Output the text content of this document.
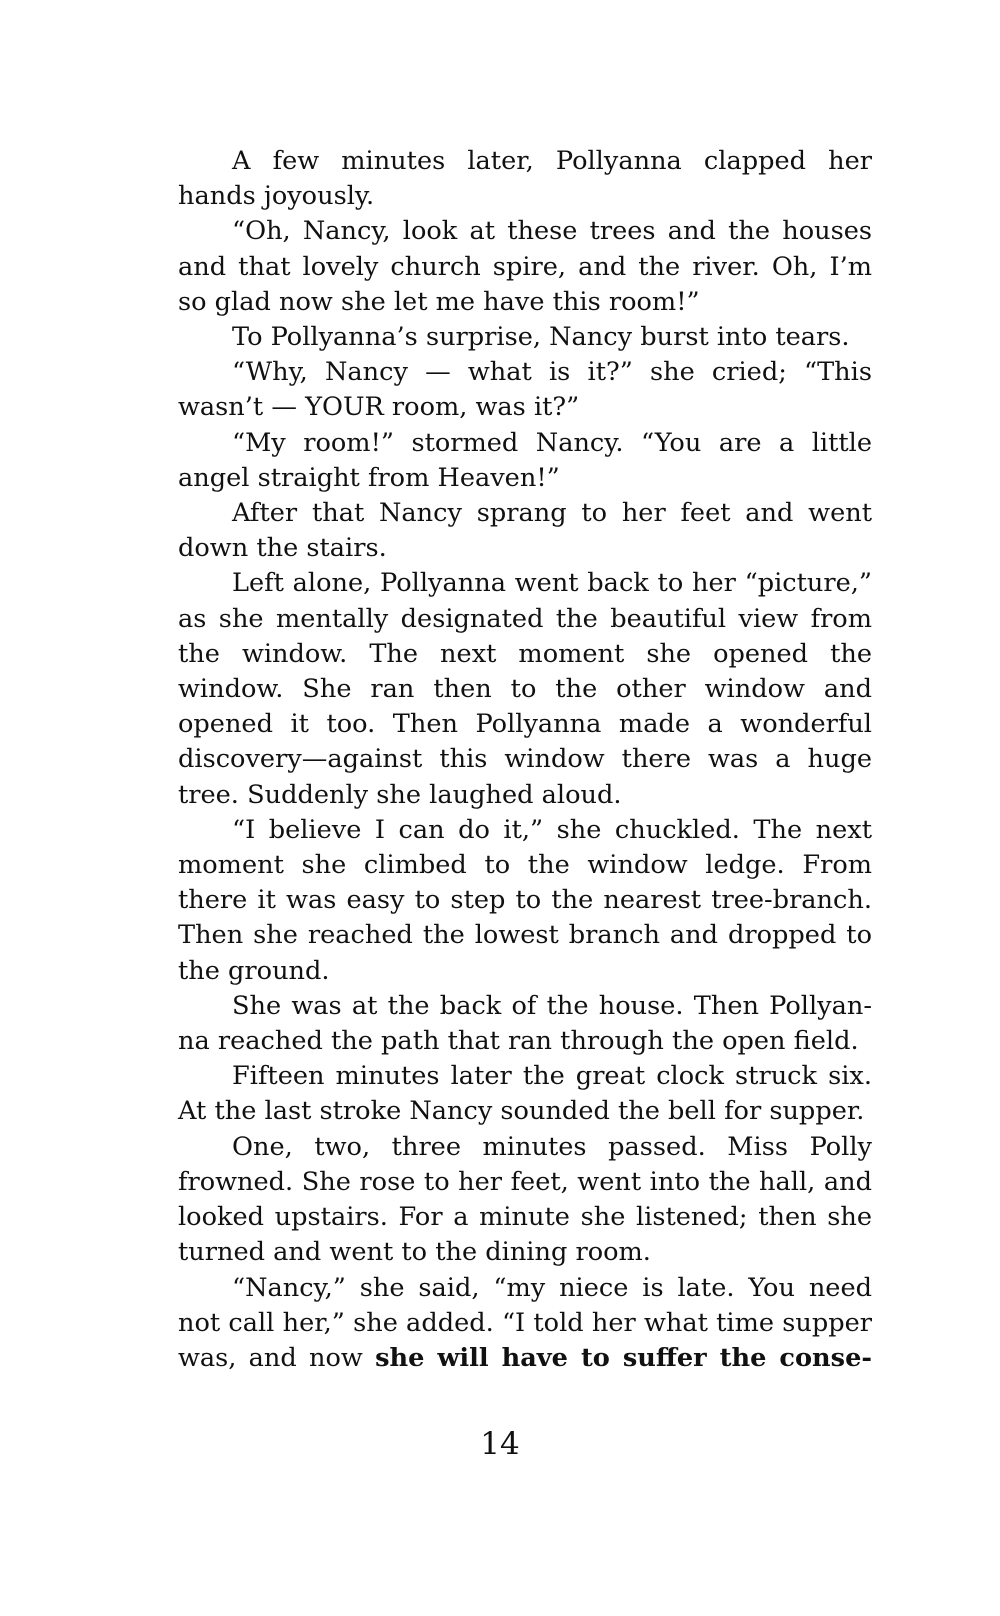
A few minutes later, Pollyanna clapped her hands joyously.

“Oh, Nancy, look at these trees and the houses and that lovely church spire, and the river. Oh, I’m so glad now she let me have this room!”

To Pollyanna’s surprise, Nancy burst into tears.

“Why, Nancy — what is it?” she cried; “This wasn’t — YOUR room, was it?”

“My room!” stormed Nancy. “You are a little angel straight from Heaven!”

After that Nancy sprang to her feet and went down the stairs.

Left alone, Pollyanna went back to her “picture,” as she mentally designated the beautiful view from the window. The next moment she opened the window. She ran then to the other window and opened it too. Then Pollyanna made a wonderful discovery—against this window there was a huge tree. Suddenly she laughed aloud.

“I believe I can do it,” she chuckled. The next moment she climbed to the window ledge. From there it was easy to step to the nearest tree-branch. Then she reached the lowest branch and dropped to the ground.

She was at the back of the house. Then Pollyanna reached the path that ran through the open field.

Fifteen minutes later the great clock struck six. At the last stroke Nancy sounded the bell for supper.

One, two, three minutes passed. Miss Polly frowned. She rose to her feet, went into the hall, and looked upstairs. For a minute she listened; then she turned and went to the dining room.

“Nancy,” she said, “my niece is late. You need not call her,” she added. “I told her what time supper was, and now she will have to suffer the conse-

14
